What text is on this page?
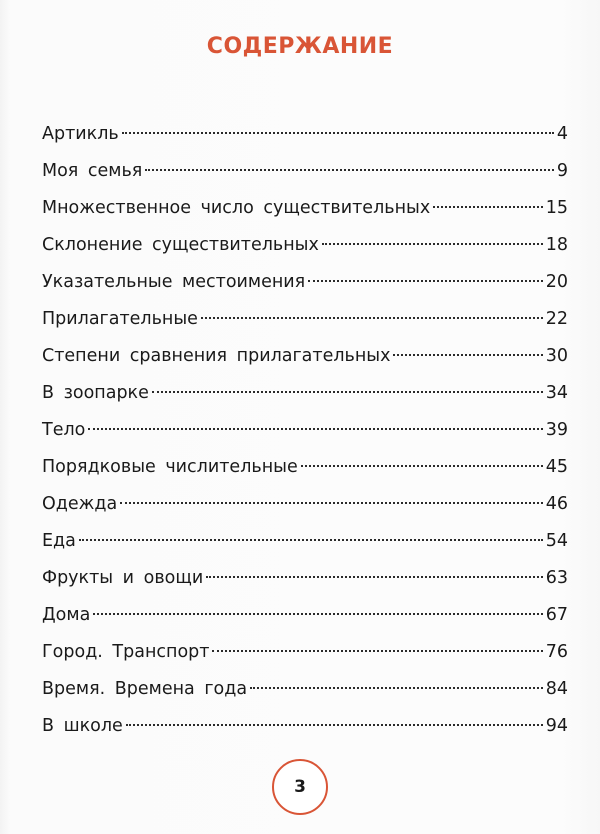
СОДЕРЖАНИЕ
Артикль	4
Моя семья	9
Множественное число существительных	15
Склонение существительных	18
Указательные местоимения	20
Прилагательные	22
Степени сравнения прилагательных	30
В зоопарке	34
Тело	39
Порядковые числительные	45
Одежда	46
Еда	54
Фрукты и овощи	63
Дома	67
Город. Транспорт	76
Время. Времена года	84
В школе	94
3
